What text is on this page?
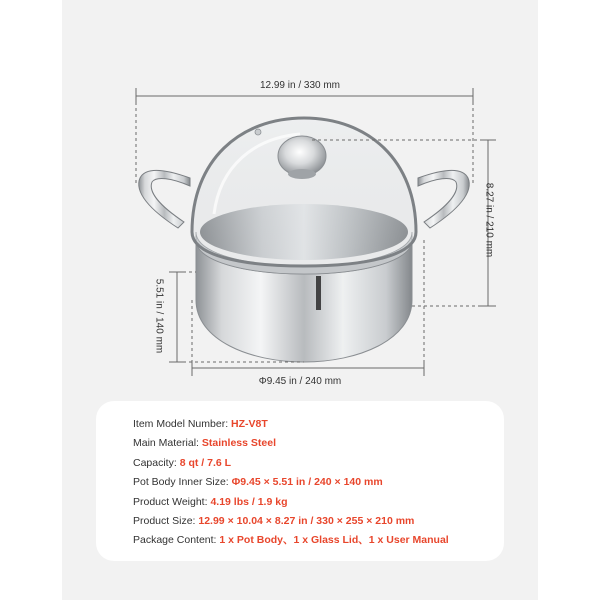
12.99 in / 330 mm
8.27 in / 210 mm
5.51 in / 140 mm
Φ9.45 in / 240 mm
Item Model Number: HZ-V8T
Main Material: Stainless Steel
Capacity: 8 qt / 7.6 L
Pot Body Inner Size: Φ9.45 × 5.51 in / 240 × 140 mm
Product Weight: 4.19 lbs / 1.9 kg
Product Size: 12.99 × 10.04 × 8.27 in / 330 × 255 × 210 mm
Package Content: 1 x Pot Body、1 x Glass Lid、1 x User Manual
